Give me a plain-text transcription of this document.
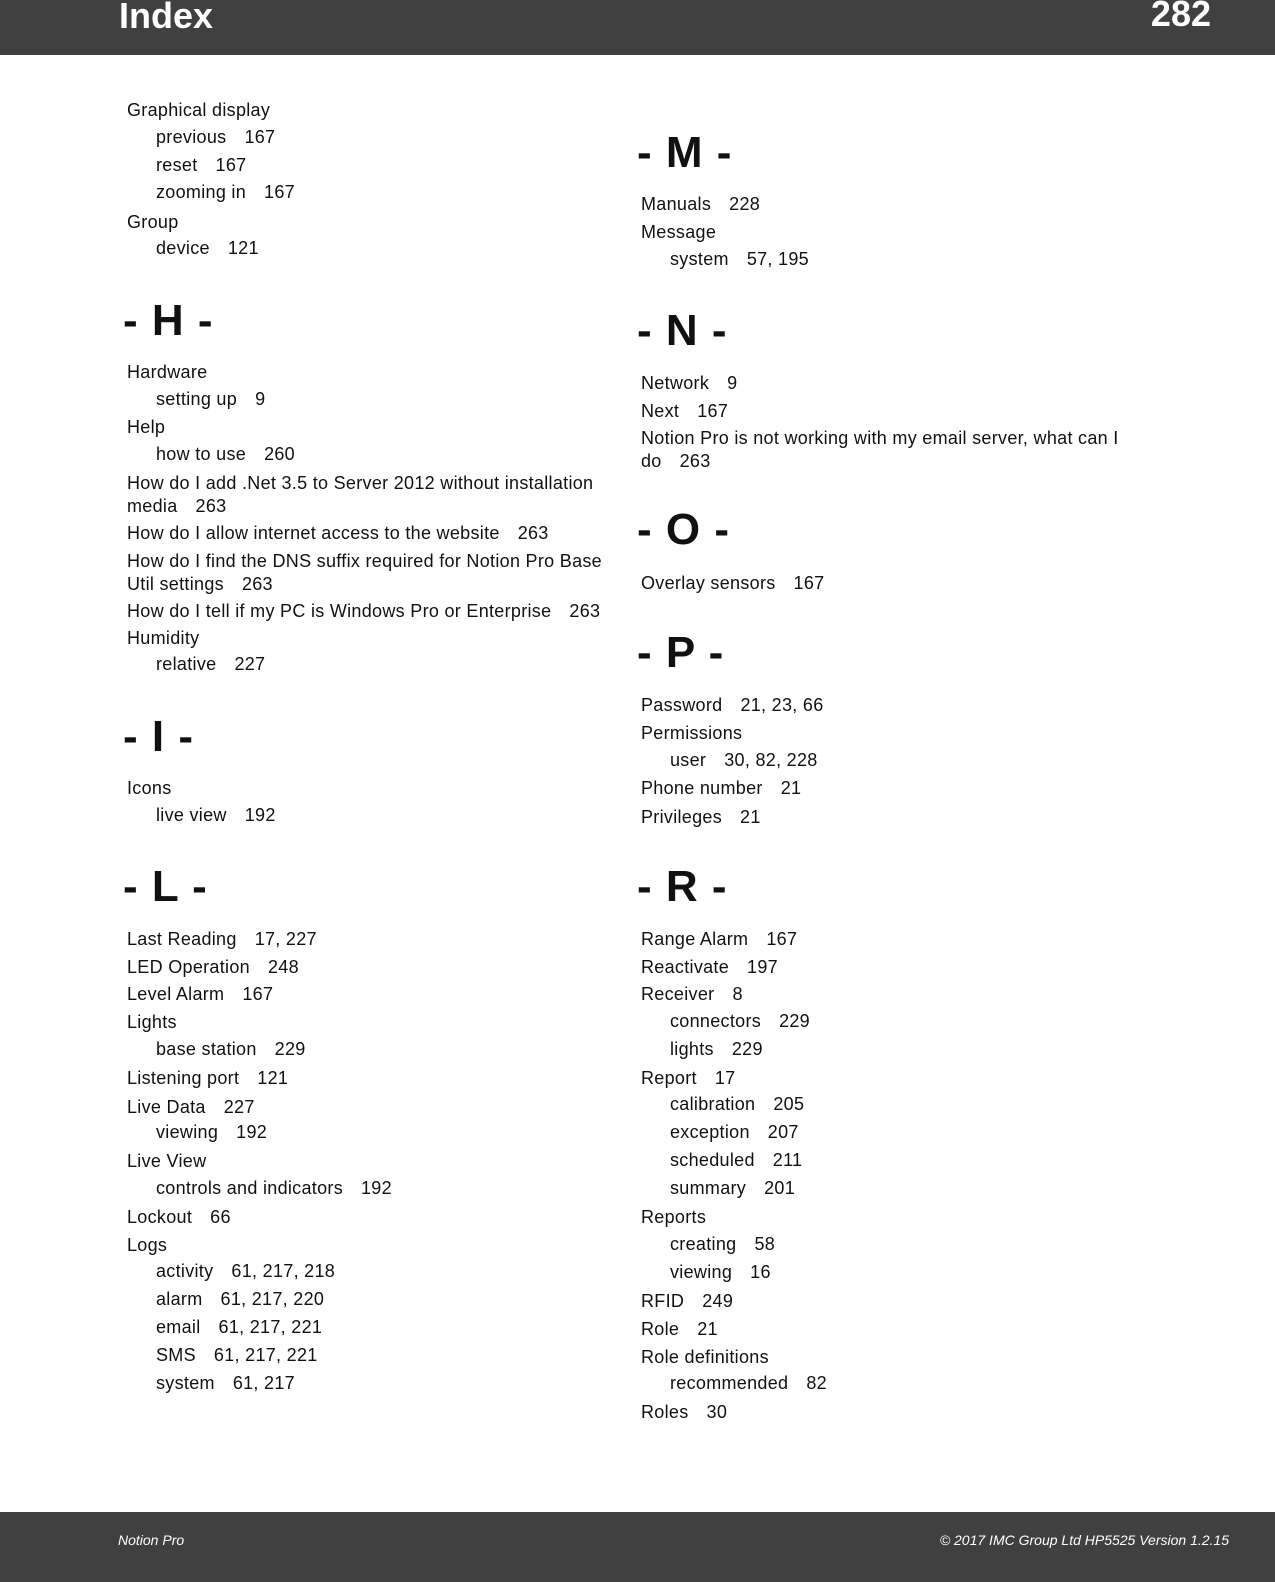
Index	282
Graphical display
previous 167
reset 167
zooming in 167
Group
device 121
- H -
Hardware
setting up 9
Help
how to use 260
How do I add .Net 3.5 to Server 2012 without installation media 263
How do I allow internet access to the website 263
How do I find the DNS suffix required for Notion Pro Base Util settings 263
How do I tell if my PC is Windows Pro or Enterprise 263
Humidity
relative 227
- I -
Icons
live view 192
- L -
Last Reading 17, 227
LED Operation 248
Level Alarm 167
Lights
base station 229
Listening port 121
Live Data 227
viewing 192
Live View
controls and indicators 192
Lockout 66
Logs
activity 61, 217, 218
alarm 61, 217, 220
email 61, 217, 221
SMS 61, 217, 221
system 61, 217
- M -
Manuals 228
Message
system 57, 195
- N -
Network 9
Next 167
Notion Pro is not working with my email server, what can I do 263
- O -
Overlay sensors 167
- P -
Password 21, 23, 66
Permissions
user 30, 82, 228
Phone number 21
Privileges 21
- R -
Range Alarm 167
Reactivate 197
Receiver 8
connectors 229
lights 229
Report 17
calibration 205
exception 207
scheduled 211
summary 201
Reports
creating 58
viewing 16
RFID 249
Role 21
Role definitions
recommended 82
Roles 30
Notion Pro	© 2017 IMC Group Ltd HP5525 Version 1.2.15
